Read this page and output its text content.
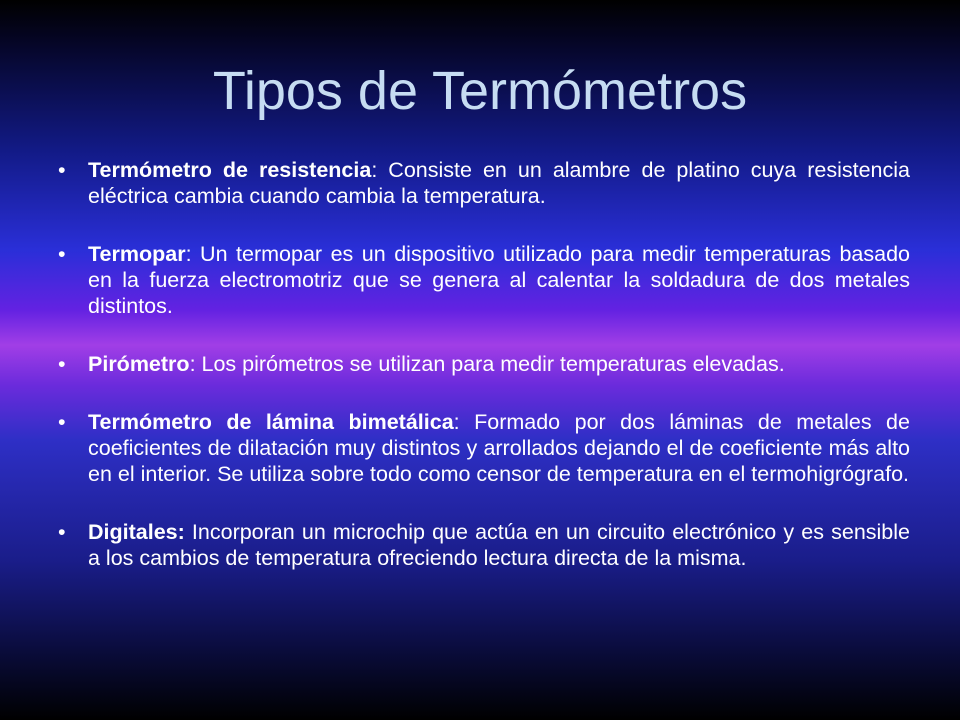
Tipos de Termómetros
• Termómetro de resistencia: Consiste en un alambre de platino cuya resistencia eléctrica cambia cuando cambia la temperatura.
• Termopar: Un termopar es un dispositivo utilizado para medir temperaturas basado en la fuerza electromotriz que se genera al calentar la soldadura de dos metales distintos.
• Pirómetro: Los pirómetros se utilizan para medir temperaturas elevadas.
• Termómetro de lámina bimetálica: Formado por dos láminas de metales de coeficientes de dilatación muy distintos y arrollados dejando el de coeficiente más alto en el interior. Se utiliza sobre todo como censor de temperatura en el termohigrógrafo.
• Digitales: Incorporan un microchip que actúa en un circuito electrónico y es sensible a los cambios de temperatura ofreciendo lectura directa de la misma.
